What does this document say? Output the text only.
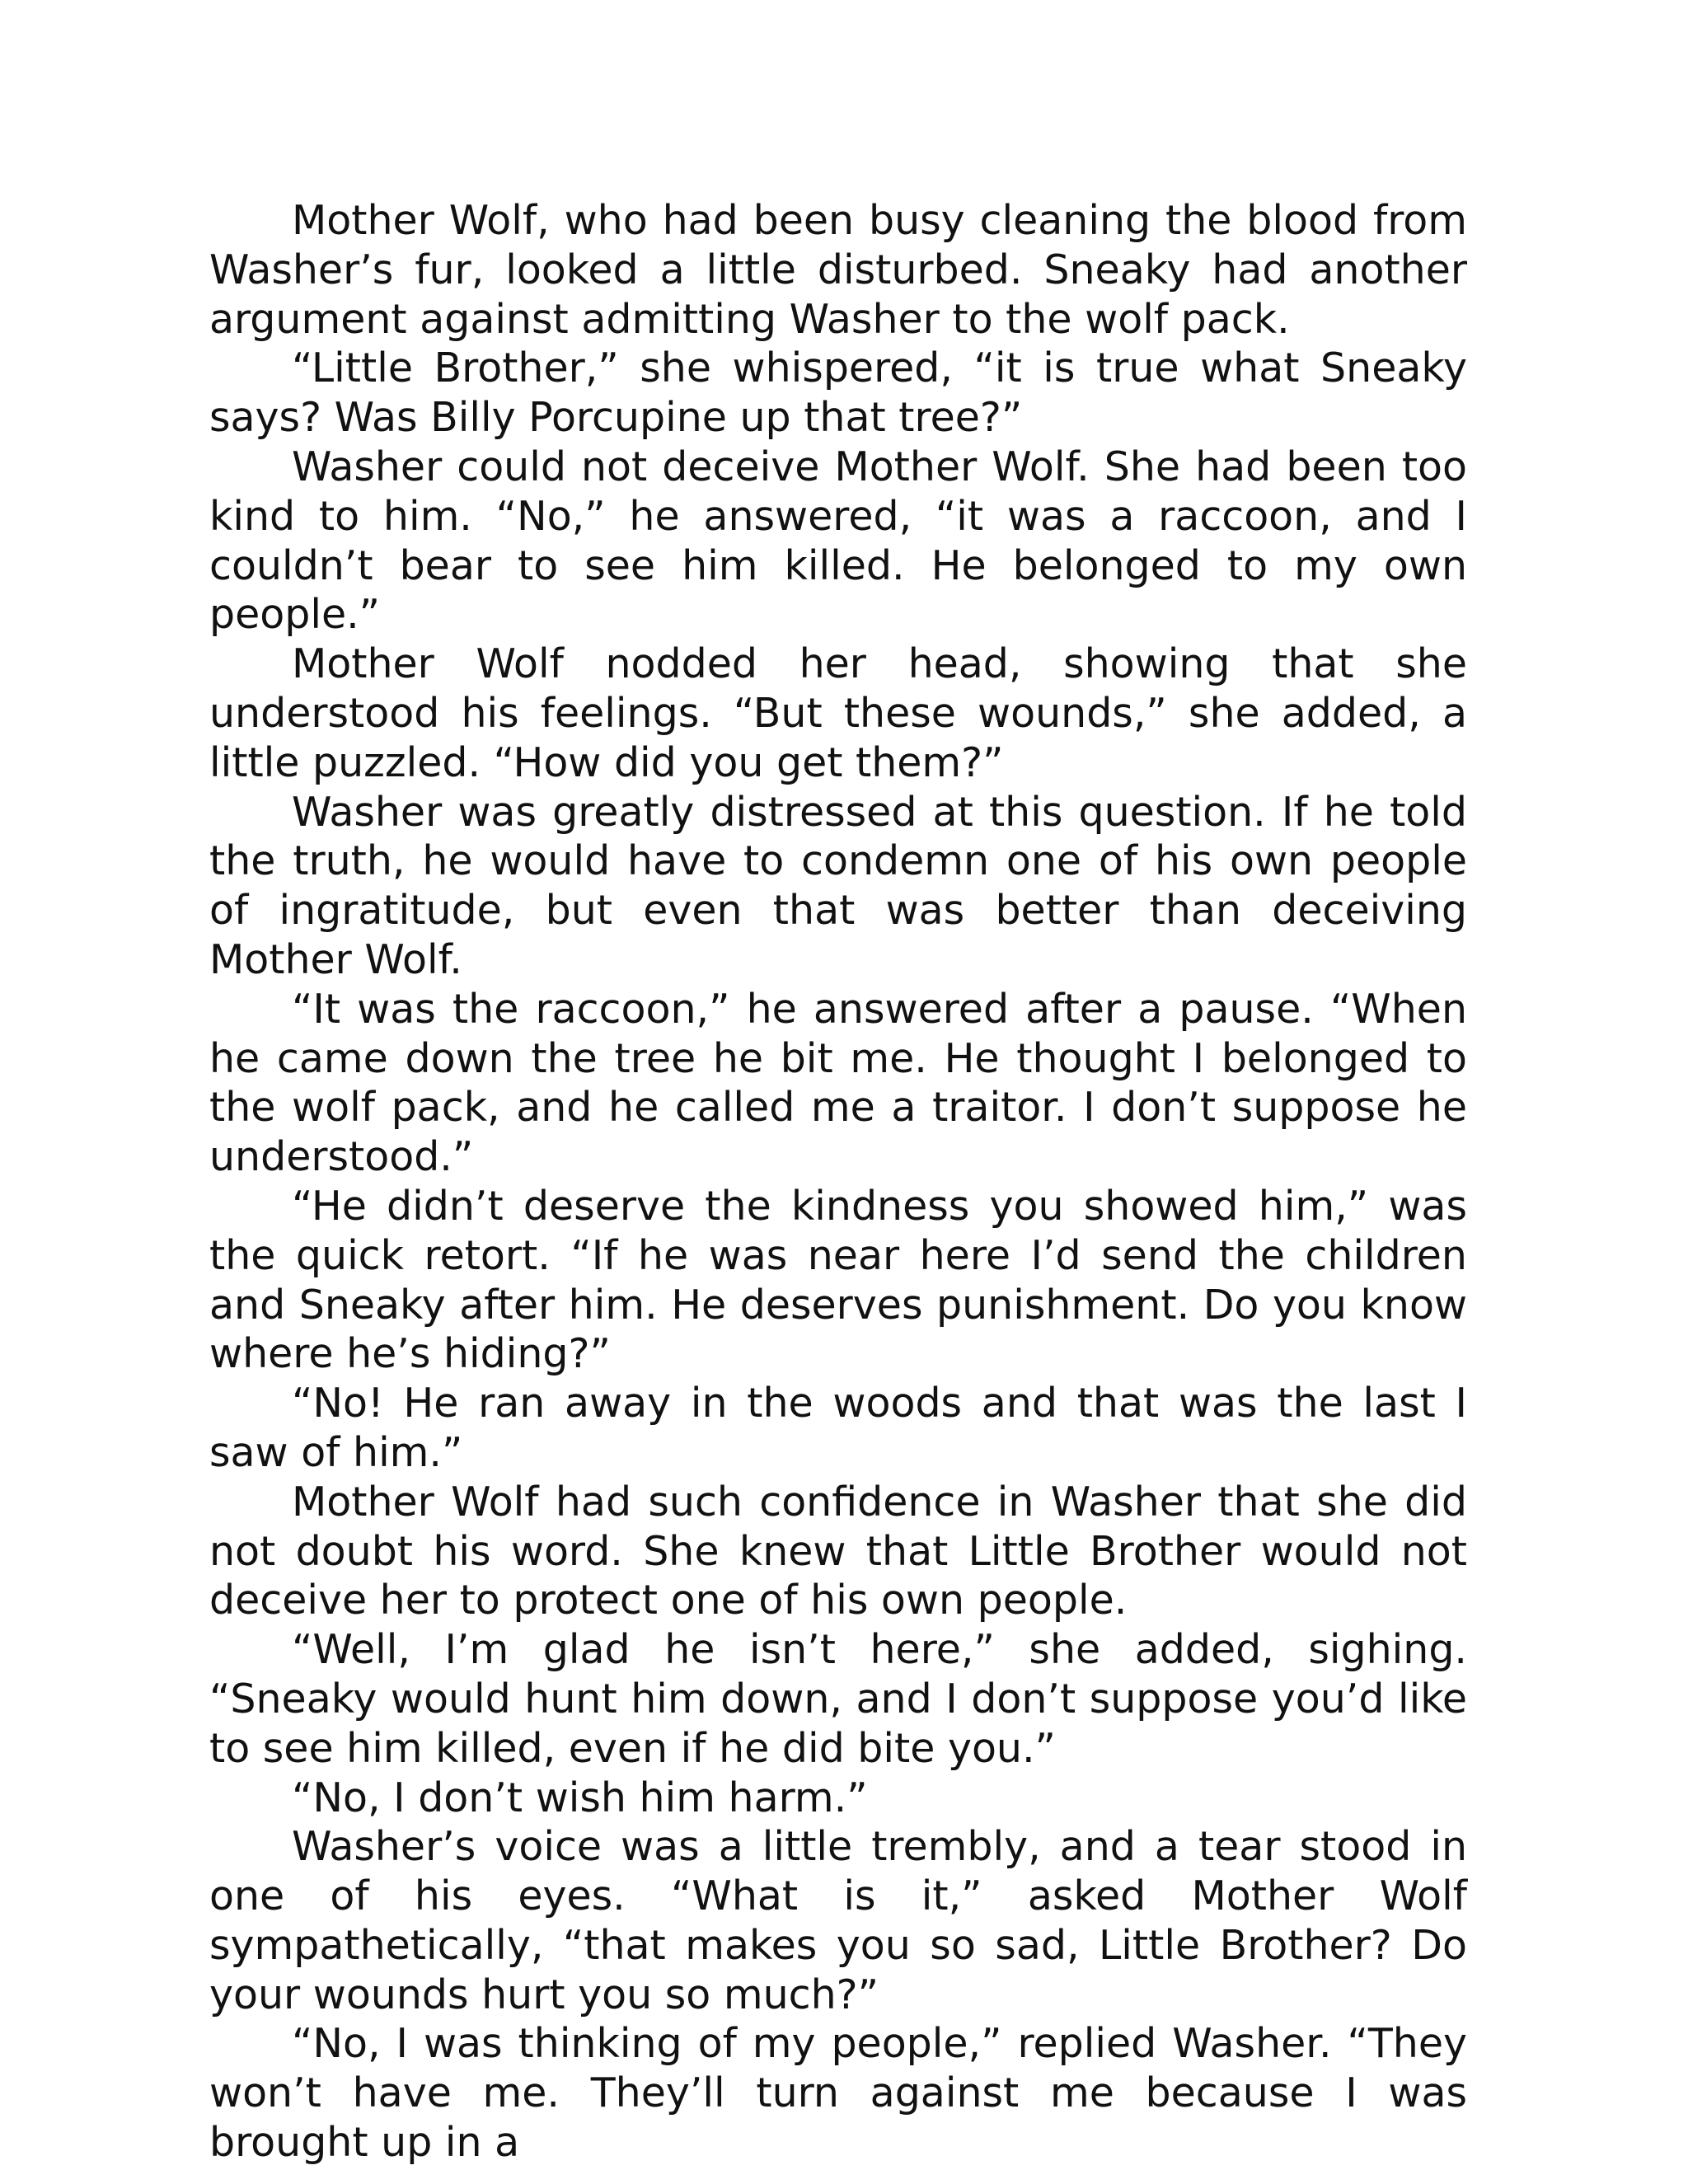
Mother Wolf, who had been busy cleaning the blood from Washer’s fur, looked a little disturbed. Sneaky had another argument against admitting Washer to the wolf pack.

“Little Brother,” she whispered, “it is true what Sneaky says? Was Billy Porcupine up that tree?”

Washer could not deceive Mother Wolf. She had been too kind to him. “No,” he answered, “it was a raccoon, and I couldn’t bear to see him killed. He belonged to my own people.”

Mother Wolf nodded her head, showing that she understood his feelings. “But these wounds,” she added, a little puzzled. “How did you get them?”

Washer was greatly distressed at this question. If he told the truth, he would have to condemn one of his own people of ingratitude, but even that was better than deceiving Mother Wolf.

“It was the raccoon,” he answered after a pause. “When he came down the tree he bit me. He thought I belonged to the wolf pack, and he called me a traitor. I don’t suppose he understood.”

“He didn’t deserve the kindness you showed him,” was the quick retort. “If he was near here I’d send the children and Sneaky after him. He deserves punishment. Do you know where he’s hiding?”

“No! He ran away in the woods and that was the last I saw of him.”

Mother Wolf had such confidence in Washer that she did not doubt his word. She knew that Little Brother would not deceive her to protect one of his own people.

“Well, I’m glad he isn’t here,” she added, sighing. “Sneaky would hunt him down, and I don’t suppose you’d like to see him killed, even if he did bite you.”

“No, I don’t wish him harm.”

Washer’s voice was a little trembly, and a tear stood in one of his eyes. “What is it,” asked Mother Wolf sympathetically, “that makes you so sad, Little Brother? Do your wounds hurt you so much?”

“No, I was thinking of my people,” replied Washer. “They won’t have me. They’ll turn against me because I was brought up in a
